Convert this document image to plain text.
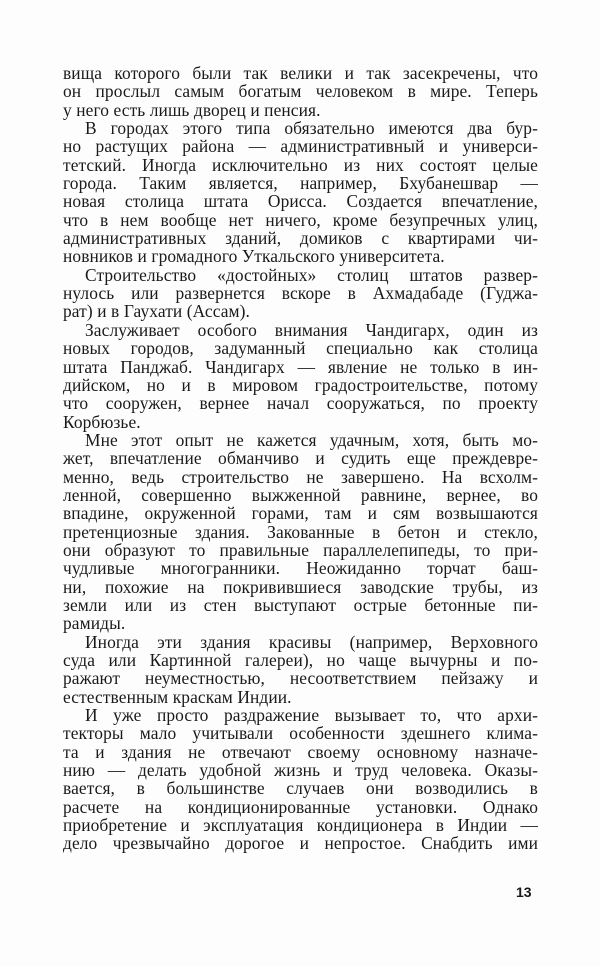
вища которого были так велики и так засекречены, что
он прослыл самым богатым человеком в мире. Теперь
у него есть лишь дворец и пенсия.
В городах этого типа обязательно имеются два бур-
но растущих района — административный и универси-
тетский. Иногда исключительно из них состоят целые
города. Таким является, например, Бхубанешвар —
новая столица штата Орисса. Создается впечатление,
что в нем вообще нет ничего, кроме безупречных улиц,
административных зданий, домиков с квартирами чи-
новников и громадного Уткальского университета.
Строительство «достойных» столиц штатов развер-
нулось или развернется вскоре в Ахмадабаде (Гуджа-
рат) и в Гаухати (Ассам).
Заслуживает особого внимания Чандигарх, один из
новых городов, задуманный специально как столица
штата Панджаб. Чандигарх — явление не только в ин-
дийском, но и в мировом градостроительстве, потому
что сооружен, вернее начал сооружаться, по проекту
Корбюзье.
Мне этот опыт не кажется удачным, хотя, быть мо-
жет, впечатление обманчиво и судить еще преждевре-
менно, ведь строительство не завершено. На всхолм-
ленной, совершенно выжженной равнине, вернее, во
впадине, окруженной горами, там и сям возвышаются
претенциозные здания. Закованные в бетон и стекло,
они образуют то правильные параллелепипеды, то при-
чудливые многогранники. Неожиданно торчат баш-
ни, похожие на покривившиеся заводские трубы, из
земли или из стен выступают острые бетонные пи-
рамиды.
Иногда эти здания красивы (например, Верховного
суда или Картинной галереи), но чаще вычурны и по-
ражают неуместностью, несоответствием пейзажу и
естественным краскам Индии.
И уже просто раздражение вызывает то, что архи-
текторы мало учитывали особенности здешнего клима-
та и здания не отвечают своему основному назначе-
нию — делать удобной жизнь и труд человека. Оказы-
вается, в большинстве случаев они возводились в
расчете на кондиционированные установки. Однако
приобретение и эксплуатация кондиционера в Индии —
дело чрезвычайно дорогое и непростое. Снабдить ими
13
